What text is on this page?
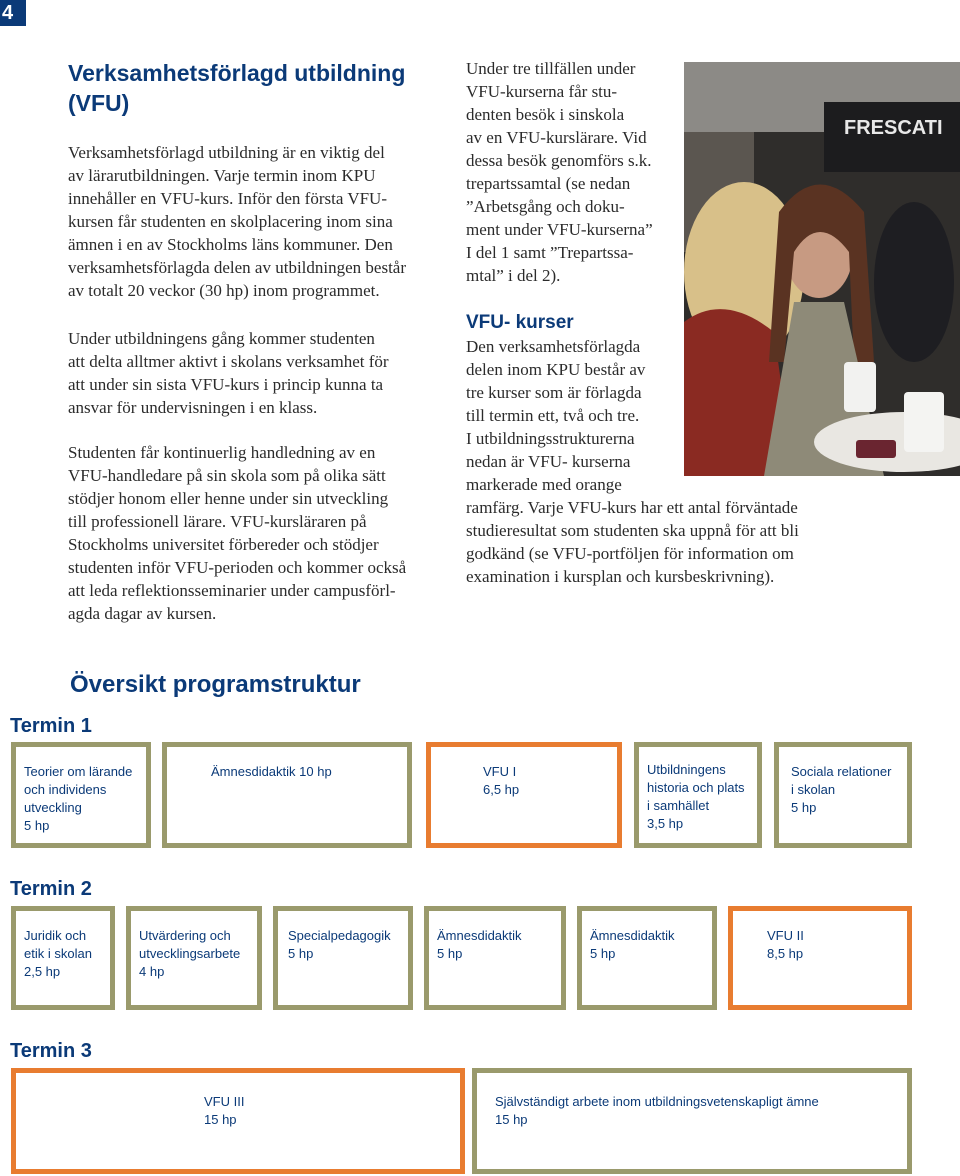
4
Verksamhetsförlagd utbildning
(VFU)

Verksamhetsförlagd utbildning är en viktig del
av lärarutbildningen. Varje termin inom KPU
innehåller en VFU-kurs. Inför den första VFU-
kursen får studenten en skolplacering inom sina
ämnen i en av Stockholms läns kommuner. Den
verksamhetsförlagda delen av utbildningen består
av totalt 20 veckor (30 hp) inom programmet.

Under utbildningens gång kommer studenten
att delta alltmer aktivt i skolans verksamhet för
att under sin sista VFU-kurs i princip kunna ta
ansvar för undervisningen i en klass.

Studenten får kontinuerlig handledning av en
VFU-handledare på sin skola som på olika sätt
stödjer honom eller henne under sin utveckling
till professionell lärare. VFU-kursläraren på
Stockholms universitet förbereder och stödjer
studenten inför VFU-perioden och kommer också
att leda reflektionsseminarier under campusförl-
agda dagar av kursen.

Under tre tillfällen under
VFU-kurserna får stu-
denten besök i sinskola
av en VFU-kurslärare. Vid
dessa besök genomförs s.k.
trepartssamtal (se nedan
”Arbetsgång och doku-
ment under VFU-kurserna”
I del 1 samt ”Trepartssa-
mtal” i del 2).

VFU- kurser

Den verksamhetsförlagda
delen inom KPU består av
tre kurser som är förlagda
till termin ett, två och tre.
I utbildningsstrukturerna
nedan är VFU- kurserna
markerade med orange
ramfärg. Varje VFU-kurs har ett antal förväntade
studieresultat som studenten ska uppnå för att bli
godkänd (se VFU-portföljen för information om
examination i kursplan och kursbeskrivning).

FRESCATI
Översikt programstruktur
Termin 1
Teorier om lärande
och individens
utveckling
5 hp
Ämnesdidaktik 10 hp	VFU I
6,5 hp
Utbildningens
historia och plats
i samhället
3,5 hp
Sociala relationer
i skolan
5 hp
Termin 2
Juridik och
etik i skolan
2,5 hp
Utvärdering och
utvecklingsarbete
4 hp
Specialpedagogik
5 hp
Ämnesdidaktik
5 hp
Ämnesdidaktik
5 hp
VFU II
8,5 hp
Termin 3
VFU III
15 hp
Självständigt arbete inom utbildningsvetenskapligt ämne
15 hp
